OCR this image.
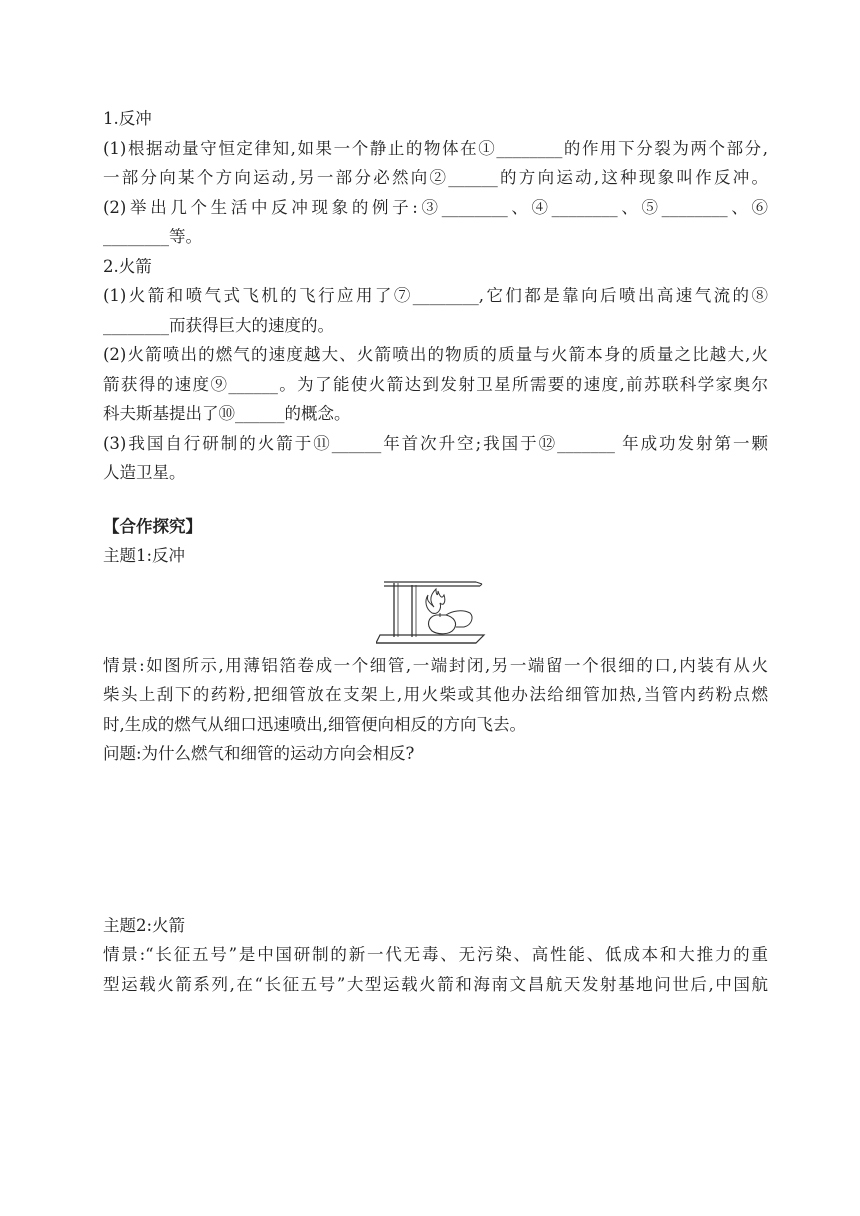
1.反冲
(1)根据动量守恒定律知,如果一个静止的物体在①________的作用下分裂为两个部分,
一部分向某个方向运动,另一部分必然向②______的方向运动,这种现象叫作反冲。
(2)举出几个生活中反冲现象的例子:③________、④________、⑤________、⑥
________等。
2.火箭
(1)火箭和喷气式飞机的飞行应用了⑦________,它们都是靠向后喷出高速气流的⑧
________而获得巨大的速度的。
(2)火箭喷出的燃气的速度越大、火箭喷出的物质的质量与火箭本身的质量之比越大,火
箭获得的速度⑨______。为了能使火箭达到发射卫星所需要的速度,前苏联科学家奥尔
科夫斯基提出了⑩______的概念。
(3)我国自行研制的火箭于⑪______年首次升空;我国于⑫_______ 年成功发射第一颗
人造卫星。
【合作探究】
主题1:反冲
情景:如图所示,用薄铝箔卷成一个细管,一端封闭,另一端留一个很细的口,内装有从火
柴头上刮下的药粉,把细管放在支架上,用火柴或其他办法给细管加热,当管内药粉点燃
时,生成的燃气从细口迅速喷出,细管便向相反的方向飞去。
问题:为什么燃气和细管的运动方向会相反?
主题2:火箭
情景:“长征五号”是中国研制的新一代无毒、无污染、高性能、低成本和大推力的重
型运载火箭系列,在“长征五号”大型运载火箭和海南文昌航天发射基地问世后,中国航
